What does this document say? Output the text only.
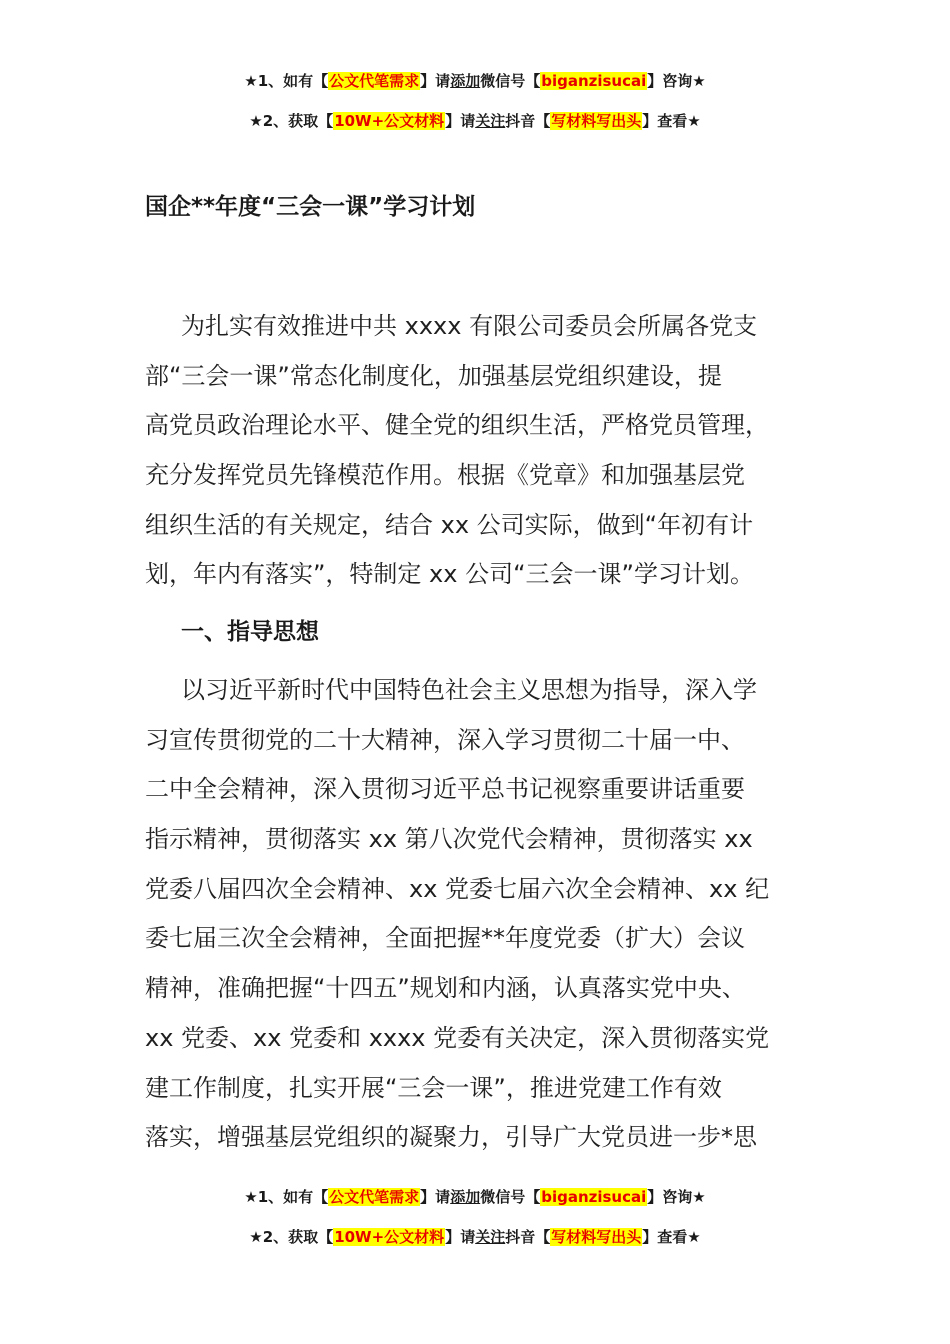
★1、如有【公文代笔需求】请添加微信号【biganzisucai】咨询★
★2、获取【10W+公文材料】请关注抖音【写材料写出头】查看★
国企**年度“三会一课”学习计划
为扎实有效推进中共 xxxx 有限公司委员会所属各党支
部“三会一课”常态化制度化，加强基层党组织建设，提
高党员政治理论水平、健全党的组织生活，严格党员管理，
充分发挥党员先锋模范作用。根据《党章》和加强基层党
组织生活的有关规定，结合 xx 公司实际，做到“年初有计
划，年内有落实”，特制定 xx 公司“三会一课”学习计划。
一、指导思想
以习近平新时代中国特色社会主义思想为指导，深入学
习宣传贯彻党的二十大精神，深入学习贯彻二十届一中、
二中全会精神，深入贯彻习近平总书记视察重要讲话重要
指示精神，贯彻落实 xx 第八次党代会精神，贯彻落实 xx
党委八届四次全会精神、xx 党委七届六次全会精神、xx 纪
委七届三次全会精神，全面把握**年度党委（扩大）会议
精神，准确把握“十四五”规划和内涵，认真落实党中央、
xx 党委、xx 党委和 xxxx 党委有关决定，深入贯彻落实党
建工作制度，扎实开展“三会一课”，推进党建工作有效
落实，增强基层党组织的凝聚力，引导广大党员进一步*思
★1、如有【公文代笔需求】请添加微信号【biganzisucai】咨询★
★2、获取【10W+公文材料】请关注抖音【写材料写出头】查看★
